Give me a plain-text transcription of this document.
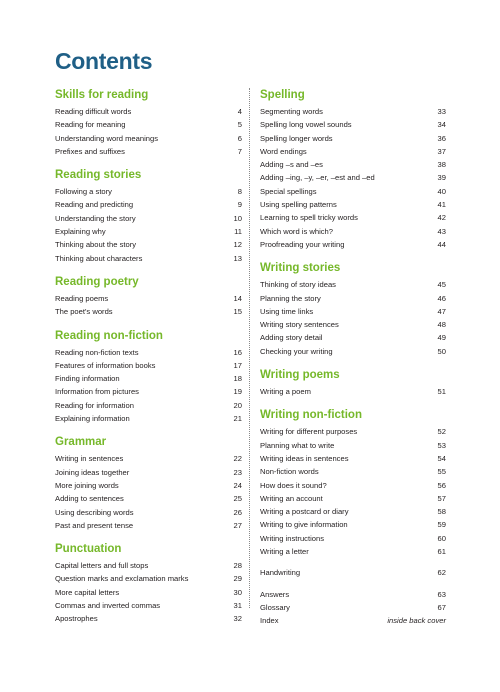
Contents
Skills for reading
Reading difficult words	4
Reading for meaning	5
Understanding word meanings	6
Prefixes and suffixes	7
Reading stories
Following a story	8
Reading and predicting	9
Understanding the story	10
Explaining why	11
Thinking about the story	12
Thinking about characters	13
Reading poetry
Reading poems	14
The poet's words	15
Reading non-fiction
Reading non-fiction texts	16
Features of information books	17
Finding information	18
Information from pictures	19
Reading for information	20
Explaining information	21
Grammar
Writing in sentences	22
Joining ideas together	23
More joining words	24
Adding to sentences	25
Using describing words	26
Past and present tense	27
Punctuation
Capital letters and full stops	28
Question marks and exclamation marks	29
More capital letters	30
Commas and inverted commas	31
Apostrophes	32
Spelling
Segmenting words	33
Spelling long vowel sounds	34
Spelling longer words	36
Word endings	37
Adding –s and –es	38
Adding –ing, –y, –er, –est and –ed	39
Special spellings	40
Using spelling patterns	41
Learning to spell tricky words	42
Which word is which?	43
Proofreading your writing	44
Writing stories
Thinking of story ideas	45
Planning the story	46
Using time links	47
Writing story sentences	48
Adding story detail	49
Checking your writing	50
Writing poems
Writing a poem	51
Writing non-fiction
Writing for different purposes	52
Planning what to write	53
Writing ideas in sentences	54
Non-fiction words	55
How does it sound?	56
Writing an account	57
Writing a postcard or diary	58
Writing to give information	59
Writing instructions	60
Writing a letter	61
Handwriting	62
Answers	63
Glossary	67
Index	inside back cover
